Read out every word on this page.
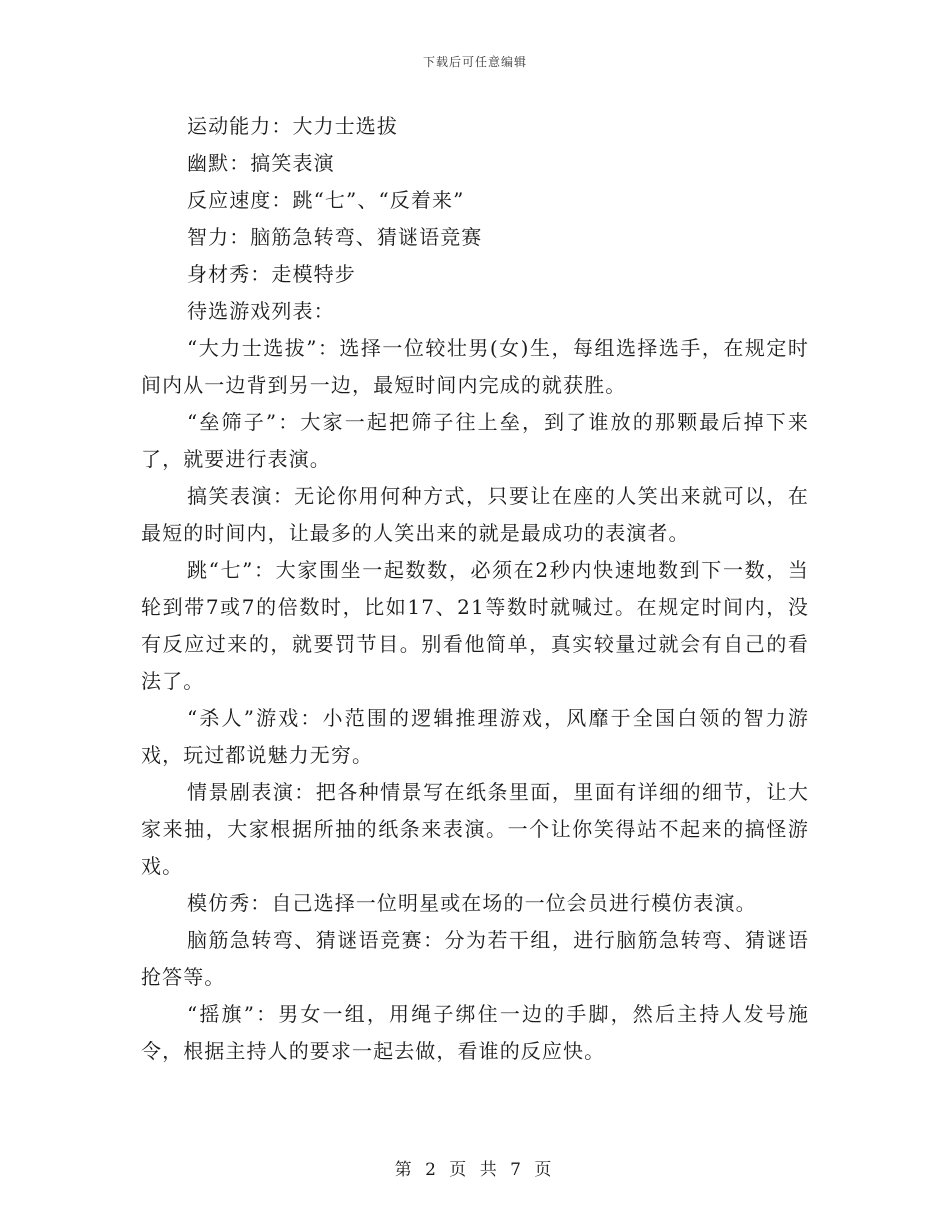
下载后可任意编辑

运动能力：大力士选拔

幽默：搞笑表演

反应速度：跳“七”、“反着来”

智力：脑筋急转弯、猜谜语竞赛

身材秀：走模特步

待选游戏列表：

“大力士选拔”：选择一位较壮男(女)生，每组选择选手，在规定时间内从一边背到另一边，最短时间内完成的就获胜。

“垒筛子”：大家一起把筛子往上垒，到了谁放的那颗最后掉下来了，就要进行表演。

搞笑表演：无论你用何种方式，只要让在座的人笑出来就可以，在最短的时间内，让最多的人笑出来的就是最成功的表演者。

跳“七”：大家围坐一起数数，必须在2秒内快速地数到下一数，当轮到带7或7的倍数时，比如17、21等数时就喊过。在规定时间内，没有反应过来的，就要罚节目。别看他简单，真实较量过就会有自己的看法了。

“杀人”游戏：小范围的逻辑推理游戏，风靡于全国白领的智力游戏，玩过都说魅力无穷。

情景剧表演：把各种情景写在纸条里面，里面有详细的细节，让大家来抽，大家根据所抽的纸条来表演。一个让你笑得站不起来的搞怪游戏。

模仿秀：自己选择一位明星或在场的一位会员进行模仿表演。

脑筋急转弯、猜谜语竞赛：分为若干组，进行脑筋急转弯、猜谜语抢答等。

“摇旗”：男女一组，用绳子绑住一边的手脚，然后主持人发号施令，根据主持人的要求一起去做，看谁的反应快。

第 2 页 共 7 页
